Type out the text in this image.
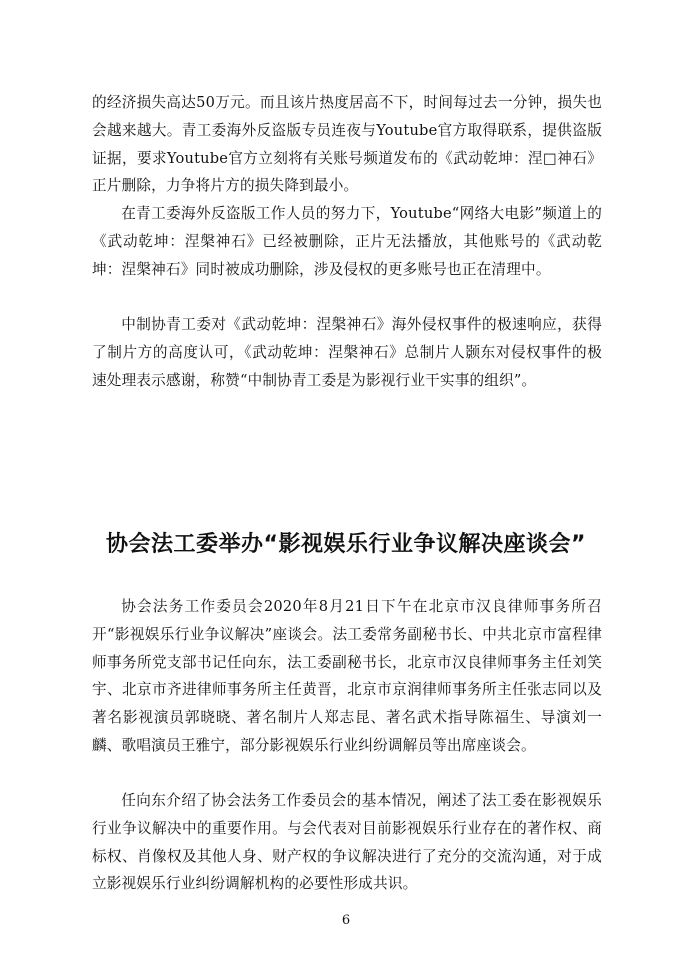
的经济损失高达50万元。而且该片热度居高不下，时间每过去一分钟，损失也会越来越大。青工委海外反盗版专员连夜与Youtube官方取得联系，提供盗版证据，要求Youtube官方立刻将有关账号频道发布的《武动乾坤：涅□神石》正片删除，力争将片方的损失降到最小。

在青工委海外反盗版工作人员的努力下，Youtube“网络大电影”频道上的《武动乾坤：涅槃神石》已经被删除，正片无法播放，其他账号的《武动乾坤：涅槃神石》同时被成功删除，涉及侵权的更多账号也正在清理中。

中制协青工委对《武动乾坤：涅槃神石》海外侵权事件的极速响应，获得了制片方的高度认可，《武动乾坤：涅槃神石》总制片人颢东对侵权事件的极速处理表示感谢，称赞“中制协青工委是为影视行业干实事的组织”。

协会法工委举办“影视娱乐行业争议解决座谈会”

协会法务工作委员会2020年8月21日下午在北京市汉良律师事务所召开“影视娱乐行业争议解决”座谈会。法工委常务副秘书长、中共北京市富程律师事务所党支部书记任向东，法工委副秘书长，北京市汉良律师事务主任刘笑宇、北京市齐进律师事务所主任黄晋，北京市京润律师事务所主任张志同以及著名影视演员郭晓晓、著名制片人郑志昆、著名武术指导陈福生、导演刘一麟、歌唱演员王雅宁，部分影视娱乐行业纠纷调解员等出席座谈会。

任向东介绍了协会法务工作委员会的基本情况，阐述了法工委在影视娱乐行业争议解决中的重要作用。与会代表对目前影视娱乐行业存在的著作权、商标权、肖像权及其他人身、财产权的争议解决进行了充分的交流沟通，对于成立影视娱乐行业纠纷调解机构的必要性形成共识。

6
